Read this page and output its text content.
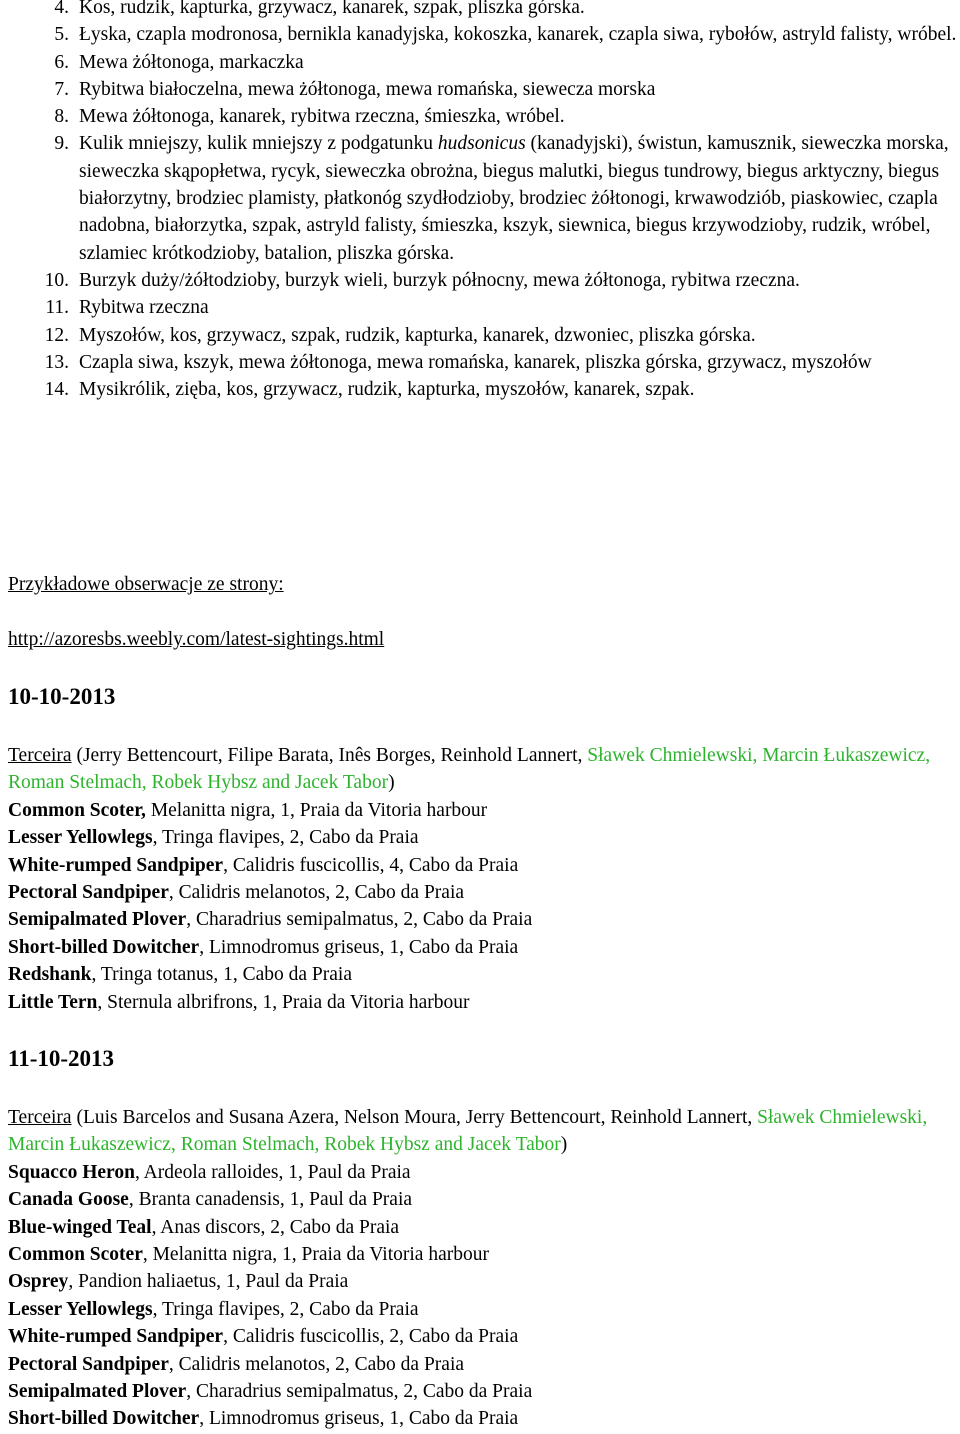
4. Kos, rudzik, kapturka, grzywacz, kanarek, szpak, pliszka górska.
5. Łyska, czapla modronosa, bernikla kanadyjska, kokoszka, kanarek, czapla siwa, rybołów, astryld falisty, wróbel.
6. Mewa żółtonoga, markaczka
7. Rybitwa białoczelna, mewa żółtonoga, mewa romańska, siewecza morska
8. Mewa żółtonoga, kanarek, rybitwa rzeczna, śmieszka, wróbel.
9. Kulik mniejszy, kulik mniejszy z podgatunku hudsonicus (kanadyjski), świstun, kamusznik, sieweczka morska, sieweczka skąpopłetwa, rycyk, sieweczka obrożna, biegus malutki, biegus tundrowy, biegus arktyczny, biegus białorzytny, brodziec plamisty, płatkonóg szydłodzioby, brodziec żółtonogi, krwawodziób, piaskowiec, czapla nadobna, białorzytka, szpak, astryld falisty, śmieszka, kszyk, siewnica, biegus krzywodzioby, rudzik, wróbel, szlamiec krótkodzioby, batalion, pliszka górska.
10. Burzyk duży/żółtodzioby, burzyk wieli, burzyk północny, mewa żółtonoga, rybitwa rzeczna.
11. Rybitwa rzeczna
12. Myszołów, kos, grzywacz, szpak, rudzik, kapturka, kanarek, dzwoniec, pliszka górska.
13. Czapla siwa, kszyk, mewa żółtonoga, mewa romańska, kanarek, pliszka górska, grzywacz, myszołów
14. Mysikrólik, zięba, kos, grzywacz, rudzik, kapturka, myszołów, kanarek, szpak.
Przykładowe obserwacje ze strony:
http://azoresbs.weebly.com/latest-sightings.html
10-10-2013
Terceira (Jerry Bettencourt, Filipe Barata, Inês Borges, Reinhold Lannert, Sławek Chmielewski, Marcin Łukaszewicz, Roman Stelmach, Robek Hybsz and Jacek Tabor)
Common Scoter, Melanitta nigra, 1, Praia da Vitoria harbour
Lesser Yellowlegs, Tringa flavipes, 2, Cabo da Praia
White-rumped Sandpiper, Calidris fuscicollis, 4, Cabo da Praia
Pectoral Sandpiper, Calidris melanotos, 2, Cabo da Praia
Semipalmated Plover, Charadrius semipalmatus, 2, Cabo da Praia
Short-billed Dowitcher, Limnodromus griseus, 1, Cabo da Praia
Redshank, Tringa totanus, 1, Cabo da Praia
Little Tern, Sternula albrifrons, 1, Praia da Vitoria harbour
11-10-2013
Terceira (Luis Barcelos and Susana Azera, Nelson Moura, Jerry Bettencourt, Reinhold Lannert, Sławek Chmielewski, Marcin Łukaszewicz, Roman Stelmach, Robek Hybsz and Jacek Tabor)
Squacco Heron, Ardeola ralloides, 1, Paul da Praia
Canada Goose, Branta canadensis, 1, Paul da Praia
Blue-winged Teal, Anas discors, 2, Cabo da Praia
Common Scoter, Melanitta nigra, 1, Praia da Vitoria harbour
Osprey, Pandion haliaetus, 1, Paul da Praia
Lesser Yellowlegs, Tringa flavipes, 2, Cabo da Praia
White-rumped Sandpiper, Calidris fuscicollis, 2, Cabo da Praia
Pectoral Sandpiper, Calidris melanotos, 2, Cabo da Praia
Semipalmated Plover, Charadrius semipalmatus, 2, Cabo da Praia
Short-billed Dowitcher, Limnodromus griseus, 1, Cabo da Praia
